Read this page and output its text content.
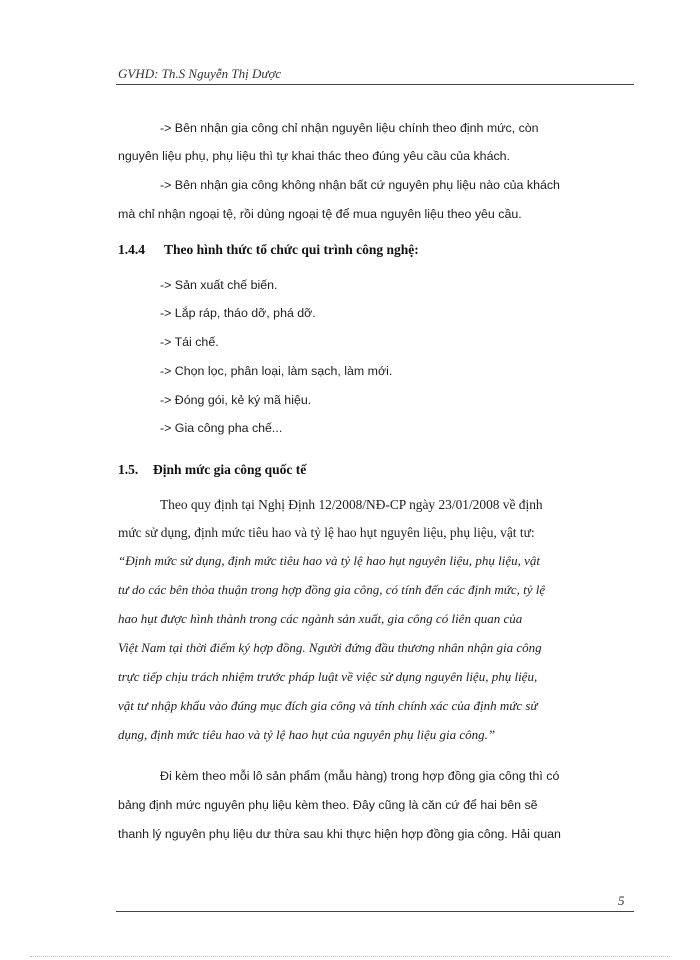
GVHD: Th.S Nguyễn Thị Dược
-> Bên nhận gia công chỉ nhận nguyên liệu chính theo định mức, còn
nguyên liệu phụ, phụ liệu thì tự khai thác theo đúng yêu cầu của khách.
-> Bên nhận gia công không nhận bất cứ nguyên phụ liệu nào của khách
mà chỉ nhận ngoại tệ, rồi dùng ngoại tệ để mua nguyên liệu theo yêu cầu.
1.4.4 Theo hình thức tổ chức qui trình công nghệ:
-> Sản xuất chế biến.
-> Lắp ráp, tháo dỡ, phá dỡ.
-> Tái chế.
-> Chọn lọc, phân loại, làm sạch, làm mới.
-> Đóng gói, kẻ ký mã hiệu.
-> Gia công pha chế...
1.5. Định mức gia công quốc tế
Theo quy định tại Nghị Định 12/2008/NĐ-CP ngày 23/01/2008 về định
mức sử dụng, định mức tiêu hao và tỷ lệ hao hụt nguyên liệu, phụ liệu, vật tư:
“Định mức sử dụng, định mức tiêu hao và tỷ lệ hao hụt nguyên liệu, phụ liệu, vật
tư do các bên thỏa thuận trong hợp đồng gia công, có tính đến các định mức, tỷ lệ
hao hụt được hình thành trong các ngành sản xuất, gia công có liên quan của
Việt Nam tại thời điểm ký hợp đồng. Người đứng đầu thương nhân nhận gia công
trực tiếp chịu trách nhiệm trước pháp luật về việc sử dụng nguyên liệu, phụ liệu,
vật tư nhập khẩu vào đúng mục đích gia công và tính chính xác của định mức sử
dụng, định mức tiêu hao và tỷ lệ hao hụt của nguyên phụ liệu gia công.”
Đi kèm theo mỗi lô sản phẩm (mẫu hàng) trong hợp đồng gia công thì có
bảng định mức nguyên phụ liệu kèm theo. Đây cũng là căn cứ để hai bên sẽ
thanh lý nguyên phụ liệu dư thừa sau khi thực hiện hợp đồng gia công. Hải quan
5
